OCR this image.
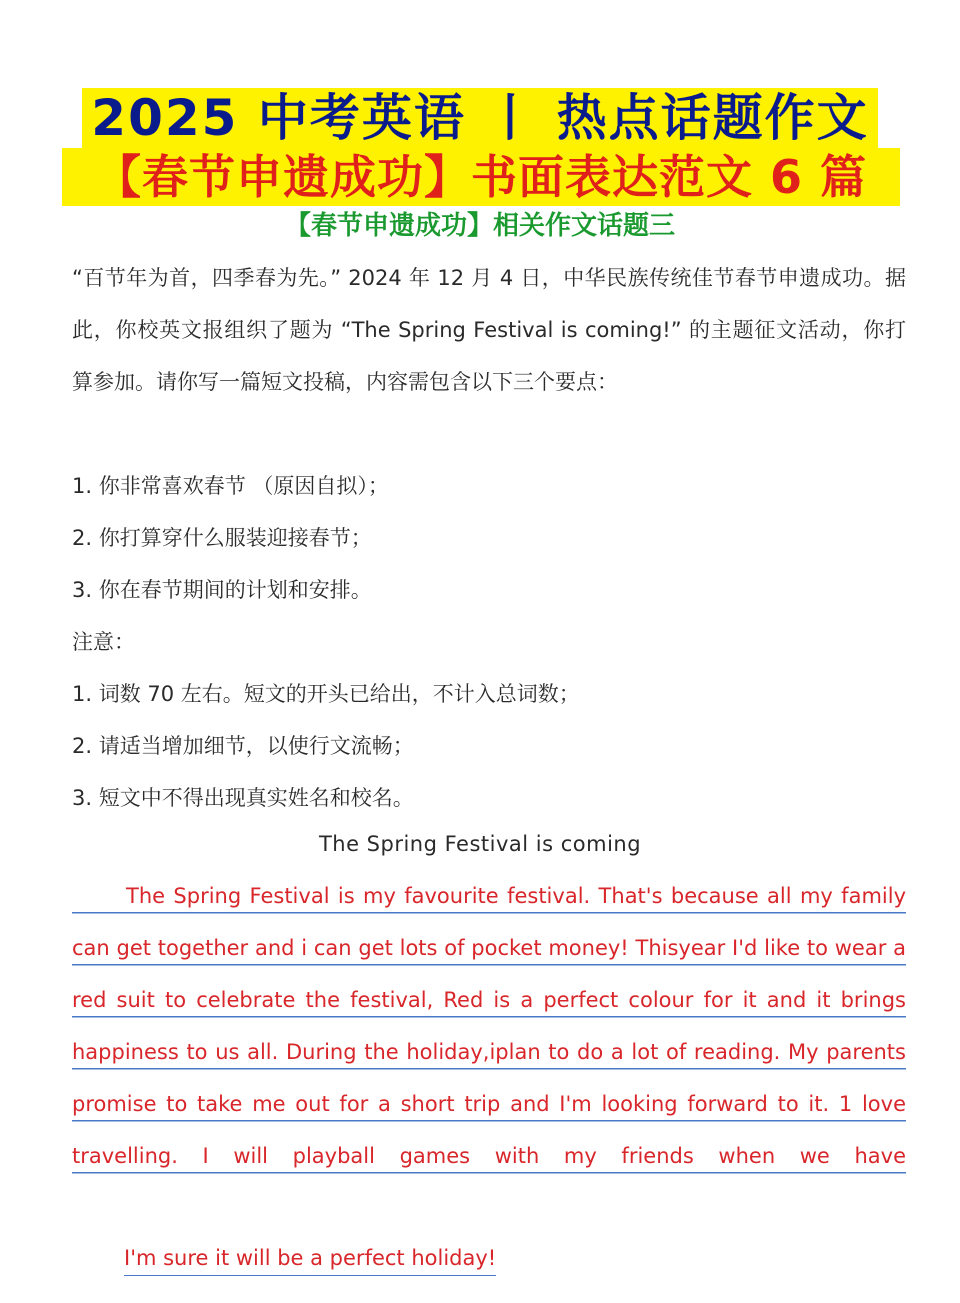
2025 中考英语 丨 热点话题作文
【春节申遗成功】书面表达范文 6 篇
【春节申遗成功】相关作文话题三
“百节年为首，四季春为先。” 2024 年 12 月 4 日，中华民族传统佳节春节申遗成功。据此，你校英文报组织了题为 “The Spring Festival is coming!” 的主题征文活动，你打算参加。请你写一篇短文投稿，内容需包含以下三个要点：
1. 你非常喜欢春节 （原因自拟）；
2. 你打算穿什么服装迎接春节；
3. 你在春节期间的计划和安排。
注意：
1. 词数 70 左右。短文的开头已给出，不计入总词数；
2. 请适当增加细节，以使行文流畅；
3. 短文中不得出现真实姓名和校名。
The Spring Festival is coming
The Spring Festival is my favourite festival. That's because all my family can get together and i can get lots of pocket money! Thisyear I'd like to wear a red suit to celebrate the festival, Red is a perfect colour for it and it brings happiness to us all. During the holiday,iplan to do a lot of reading. My parents promise to take me out for a short trip and I'm looking forward to it. 1 love travelling. I will playball games with my friends when we have
I'm sure it will be a perfect holiday!
